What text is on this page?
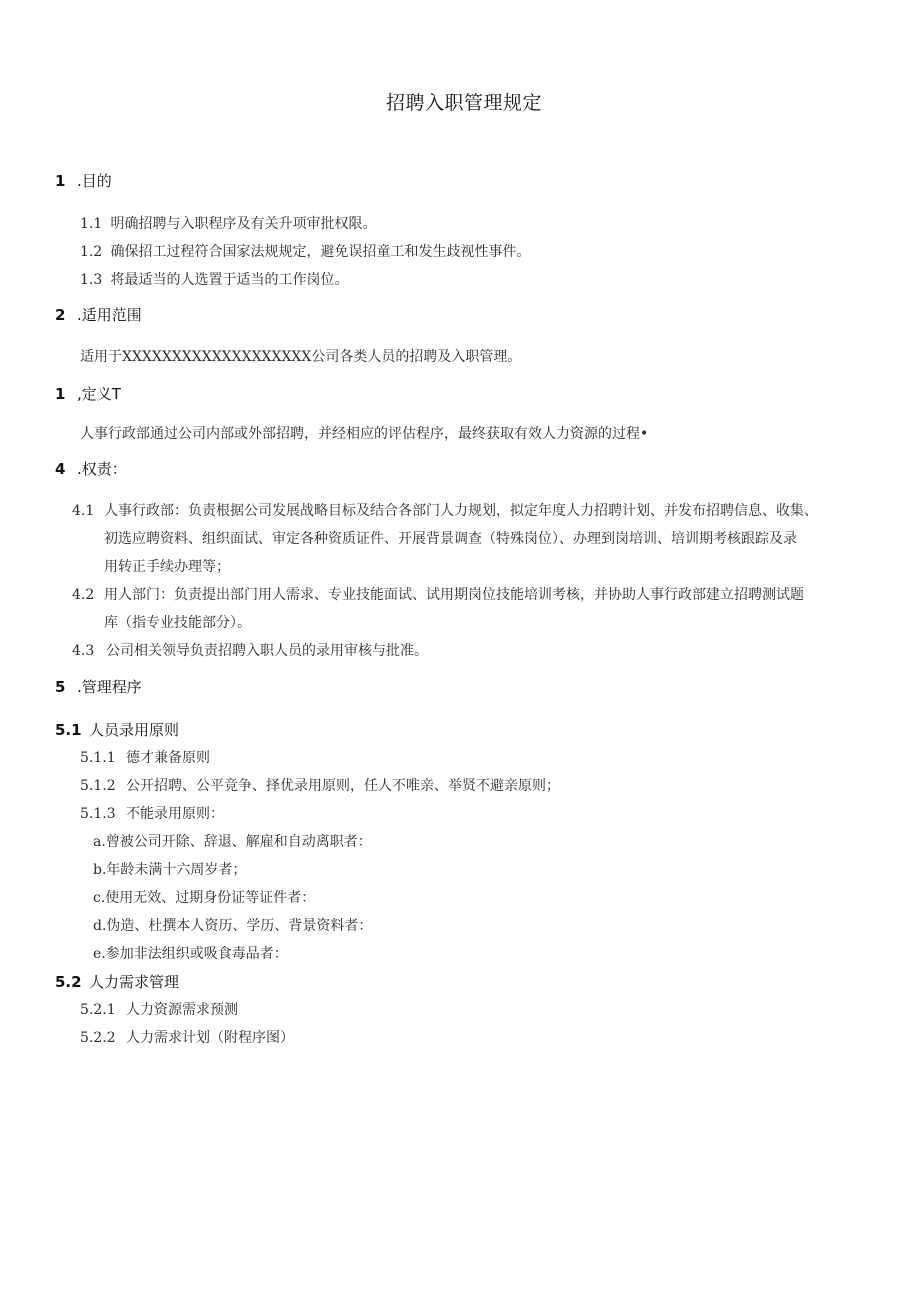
招聘入职管理规定
1 .目的
1.1 明确招聘与入职程序及有关升项审批权限。
1.2 确保招工过程符合国家法规规定，避免误招童工和发生歧视性事件。
1.3 将最适当的人选置于适当的工作岗位。
2 .适用范围
适用于XXXXXXXXXXXXXXXXXXX公司各类人员的招聘及入职管理。
1 ,定义T
人事行政部通过公司内部或外部招聘，并经相应的评估程序，最终获取有效人力资源的过程•
4 .权责：
4.1 人事行政部：负责根据公司发展战略目标及结合各部门人力规划，拟定年度人力招聘计划、并发布招聘信息、收集、
初选应聘资料、组织面试、审定各种资质证件、开展背景调查（特殊岗位）、办理到岗培训、培训期考核跟踪及录
用转正手续办理等；
4.2 用人部门：负责提出部门用人需求、专业技能面试、试用期岗位技能培训考核，并协助人事行政部建立招聘测试题
库（指专业技能部分）。
4.3 公司相关领导负责招聘入职人员的录用审核与批准。
5 .管理程序
5.1 人员录用原则
5.1.1 德才兼备原则
5.1.2 公开招聘、公平竞争、择优录用原则，任人不唯亲、举贤不避亲原则；
5.1.3 不能录用原则：
a.曾被公司开除、辞退、解雇和自动离职者：
b.年龄未满十六周岁者；
c.使用无效、过期身份证等证件者：
d.伪造、杜撰本人资历、学历、背景资料者：
e.参加非法组织或吸食毒品者：
5.2 人力需求管理
5.2.1 人力资源需求预测
5.2.2 人力需求计划（附程序图）
